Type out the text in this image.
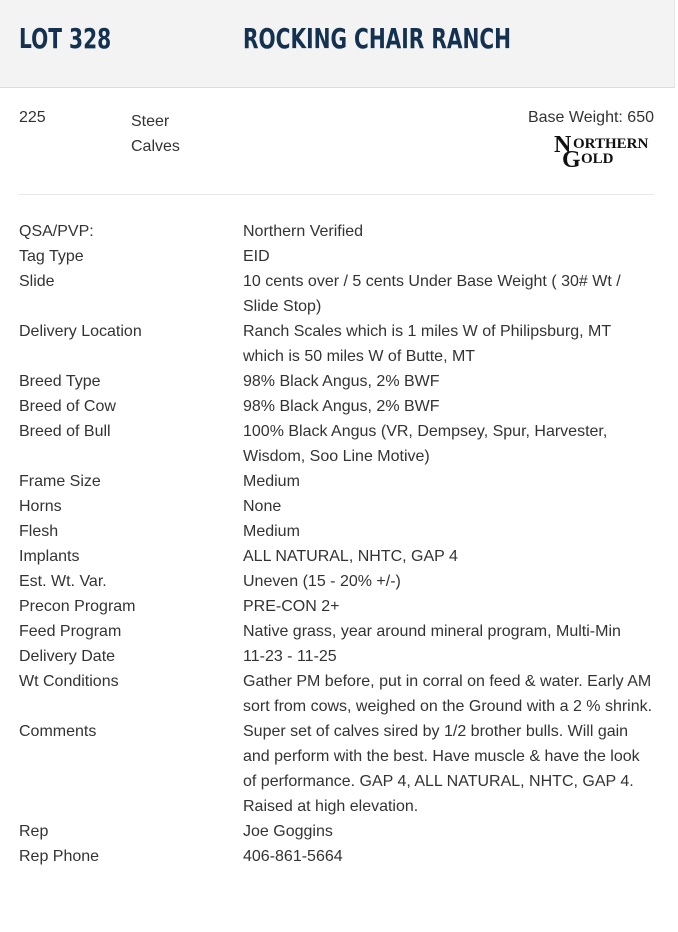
LOT 328	ROCKING CHAIR RANCH
225	Steer Calves
Base Weight: 650
N ORTHERN
G OLD
QSA/PVP:	Northern Verified
Tag Type	EID
Slide	10 cents over / 5 cents Under Base Weight ( 30# Wt / Slide Stop)
Delivery Location	Ranch Scales which is 1 miles W of Philipsburg, MT which is 50 miles W of Butte, MT
Breed Type	98% Black Angus, 2% BWF
Breed of Cow	98% Black Angus, 2% BWF
Breed of Bull	100% Black Angus (VR, Dempsey, Spur, Harvester, Wisdom, Soo Line Motive)
Frame Size	Medium
Horns	None
Flesh	Medium
Implants	ALL NATURAL, NHTC, GAP 4
Est. Wt. Var.	Uneven (15 - 20% +/-)
Precon Program	PRE-CON 2+
Feed Program	Native grass, year around mineral program, Multi-Min
Delivery Date	11-23 - 11-25
Wt Conditions	Gather PM before, put in corral on feed & water. Early AM sort from cows, weighed on the Ground with a 2 % shrink.
Comments	Super set of calves sired by 1/2 brother bulls. Will gain and perform with the best. Have muscle & have the look of performance. GAP 4, ALL NATURAL, NHTC, GAP 4. Raised at high elevation.
Rep	Joe Goggins
Rep Phone	406-861-5664
